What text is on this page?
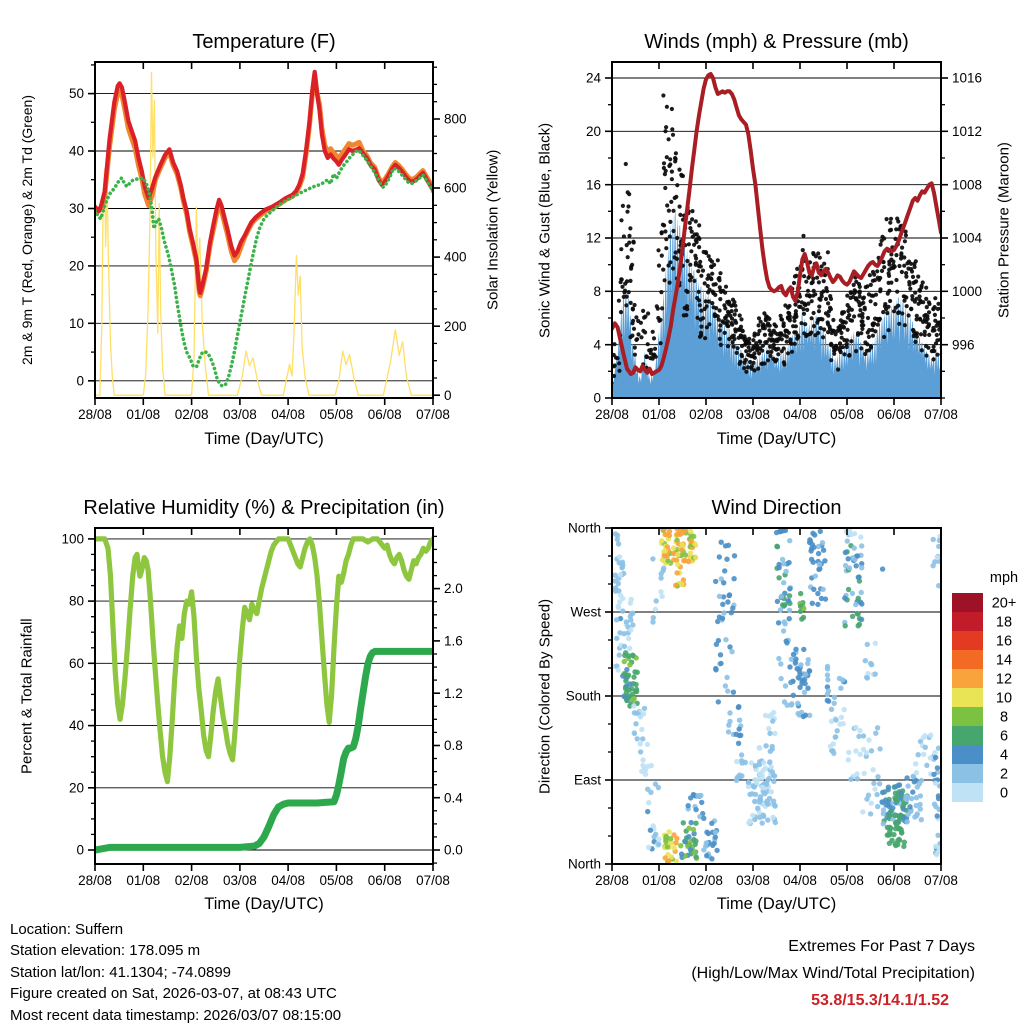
28/08 01/08 02/08 03/08 04/08 05/08 06/08 07/08
0
10
20
30
40
50
0
200
400
600
800
28/08 01/08 02/08 03/08 04/08 05/08 06/08 07/08
0
4
8
12
16
20
24
996
1000
1004
1008
1012
1016
28/08 01/08 02/08 03/08 04/08 05/08 06/08 07/08
0
20
40
60
80
100
0.0
0.4
0.8
1.2
1.6
2.0
28/08 01/08 02/08 03/08 04/08 05/08 06/08 07/08
North
East
South
West
North
mph
20+
18
16
14
12
10
8
6
4
2
0
Temperature (F)	Winds (mph) & Pressure (mb)
Relative Humidity (%) & Precipitation (in)	Wind Direction
Time (Day/UTC)	Time (Day/UTC)
Time (Day/UTC)	Time (Day/UTC)
2m & 9m T (Red, Orange) & 2m Td (Green)	Solar Insolation (Yellow) Sonic Wind & Gust (Blue, Black)	Station Pressure (Maroon)
Percent & Total Rainfall	Direction (Colored By Speed)
Location: Suffern
Station elevation: 178.095 m
Station lat/lon: 41.1304; -74.0899
Figure created on Sat, 2026-03-07, at 08:43 UTC
Most recent data timestamp: 2026/03/07 08:15:00
Extremes For Past 7 Days
(High/Low/Max Wind/Total Precipitation)
53.8/15.3/14.1/1.52
